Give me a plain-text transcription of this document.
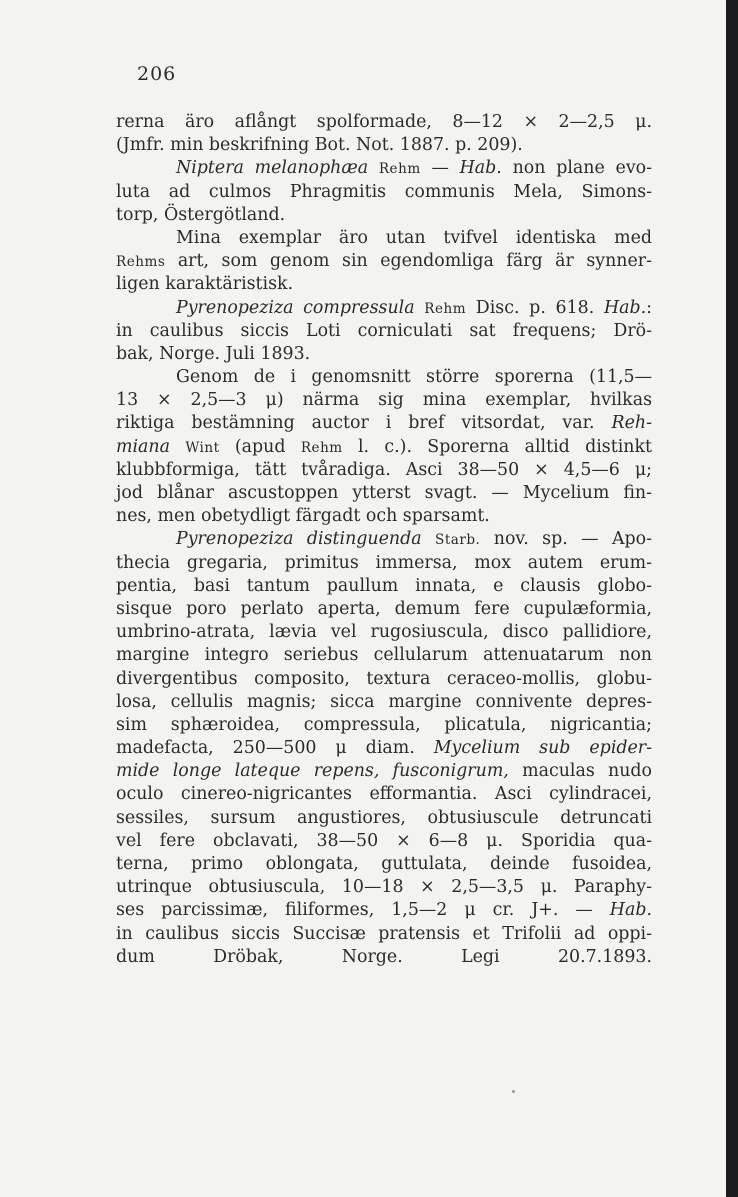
206
rerna äro aflångt spolformade, 8—12 × 2—2,5 μ.
(Jmfr. min beskrifning Bot. Not. 1887. p. 209).
Niptera melanophæa Rehm — Hab. non plane evo-
luta ad culmos Phragmitis communis Mela, Simons-
torp, Östergötland.
Mina exemplar äro utan tvifvel identiska med
Rehms art, som genom sin egendomliga färg är synner-
ligen karaktäristisk.
Pyrenopeziza compressula Rehm Disc. p. 618. Hab.:
in caulibus siccis Loti corniculati sat frequens; Drö-
bak, Norge. Juli 1893.
Genom de i genomsnitt större sporerna (11,5—
13 × 2,5—3 μ) närma sig mina exemplar, hvilkas
riktiga bestämning auctor i bref vitsordat, var. Reh-
miana Wint (apud Rehm l. c.). Sporerna alltid distinkt
klubbformiga, tätt tvåradiga. Asci 38—50 × 4,5—6 μ;
jod blånar ascustoppen ytterst svagt. — Mycelium fin-
nes, men obetydligt färgadt och sparsamt.
Pyrenopeziza distinguenda Starb. nov. sp. — Apo-
thecia gregaria, primitus immersa, mox autem erum-
pentia, basi tantum paullum innata, e clausis globo-
sisque poro perlato aperta, demum fere cupulæformia,
umbrino-atrata, lævia vel rugosiuscula, disco pallidiore,
margine integro seriebus cellularum attenuatarum non
divergentibus composito, textura ceraceo-mollis, globu-
losa, cellulis magnis; sicca margine connivente depres-
sim sphæroidea, compressula, plicatula, nigricantia;
madefacta, 250—500 μ diam. Mycelium sub epider-
mide longe lateque repens, fusconigrum, maculas nudo
oculo cinereo-nigricantes efformantia. Asci cylindracei,
sessiles, sursum angustiores, obtusiuscule detruncati
vel fere obclavati, 38—50 × 6—8 μ. Sporidia qua-
terna, primo oblongata, guttulata, deinde fusoidea,
utrinque obtusiuscula, 10—18 × 2,5—3,5 μ. Paraphy-
ses parcissimæ, filiformes, 1,5—2 μ cr. J+. — Hab.
in caulibus siccis Succisæ pratensis et Trifolii ad oppi-
dum Dröbak, Norge. Legi 20.7.1893.
